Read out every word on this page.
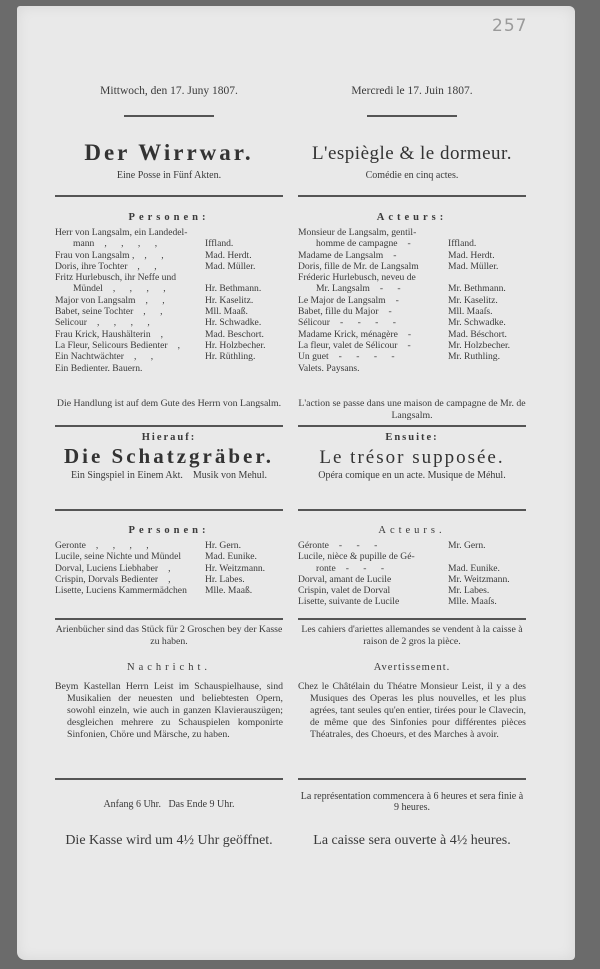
257
Mittwoch, den 17. Juny 1807.
Der Wirrwar.
Eine Posse in Fünf Akten.
Personen:
Herr von Langsalm, ein Landedel-
mann , , , ,	Iffland.
Frau von Langsalm , , ,	Mad. Herdt.
Doris, ihre Tochter , ,	Mad. Müller.
Fritz Hurlebusch, ihr Neffe und
Mündel , , , ,	Hr. Bethmann.
Major von Langsalm , ,	Hr. Kaselitz.
Babet, seine Tochter , ,	Mll. Maaß.
Selicour , , , ,	Hr. Schwadke.
Frau Krick, Haushälterin ,	Mad. Beschort.
La Fleur, Selicours Bedienter , Hr. Holzbecher.
Ein Nachtwächter , ,	Hr. Rüthling.
Ein Bedienter. Bauern.
Die Handlung ist auf dem Gute des Herrn von Langsalm.
Hierauf:
Die Schatzgräber.
Ein Singspiel in Einem Akt.    Musik von Mehul.
Personen:
Geronte , , , ,	Hr. Gern.
Lucile, seine Nichte und Mündel Mad. Eunike.
Dorval, Luciens Liebhaber ,	Hr. Weitzmann.
Crispin, Dorvals Bedienter ,	Hr. Labes.
Lisette, Luciens Kammermädchen Mlle. Maaß.
Arienbücher sind das Stück für 2 Groschen bey der Kasse zu haben.
Nachricht.
Beym Kastellan Herrn Leist im Schauspielhause, sind Musikalien der neuesten und beliebtesten Opern, sowohl einzeln, wie auch in ganzen Klavierauszügen; desgleichen mehrere zu Schauspielen komponirte Sinfonien, Chöre und Märsche, zu haben.
Anfang 6 Uhr.   Das Ende 9 Uhr.
Die Kasse wird um 4½ Uhr geöffnet.
Mercredi le 17. Juin 1807.
L'espiègle & le dormeur.
Comédie en cinq actes.
Acteurs:
Monsieur de Langsalm, gentil-
homme de campagne -	Iffland.
Madame de Langsalm -	Mad. Herdt.
Doris, fille de Mr. de Langsalm	Mad. Müller.
Fréderic Hurlebusch, neveu de
Mr. Langsalm - -	Mr. Bethmann.
Le Major de Langsalm -	Mr. Kaselitz.
Babet, fille du Major -	Mll. Maaſs.
Sélicour - - - -	Mr. Schwadke.
Madame Krick, ménagère -	Mad. Béschort.
La fleur, valet de Sélicour -	Mr. Holzbecher.
Un guet - - - -	Mr. Ruthling.
Valets. Paysans.
L'action se passe dans une maison de campagne de Mr. de Langsalm.
Ensuite:
Le trésor supposée.
Opéra comique en un acte. Musique de Méhul.
Acteurs.
Géronte - - -	Mr. Gern.
Lucile, nièce & pupille de Gé-
ronte - - -	Mad. Eunike.
Dorval, amant de Lucile	Mr. Weitzmann.
Crispin, valet de Dorval	Mr. Labes.
Lisette, suivante de Lucile	Mlle. Maaſs.
Les cahiers d'ariettes allemandes se vendent à la caisse à raison de 2 gros la pièce.
Avertissement.
Chez le Châtélain du Théatre Monsieur Leist, il y a des Musiques des Operas les plus nouvelles, et les plus agrées, tant seules qu'en entier, tirées pour le Clavecin, de même que des Sinfonies pour différentes pièces Théatrales, des Choeurs, et des Marches à avoir.
La représentation commencera à 6 heures et sera finie à 9 heures.
La caisse sera ouverte à 4½ heures.
